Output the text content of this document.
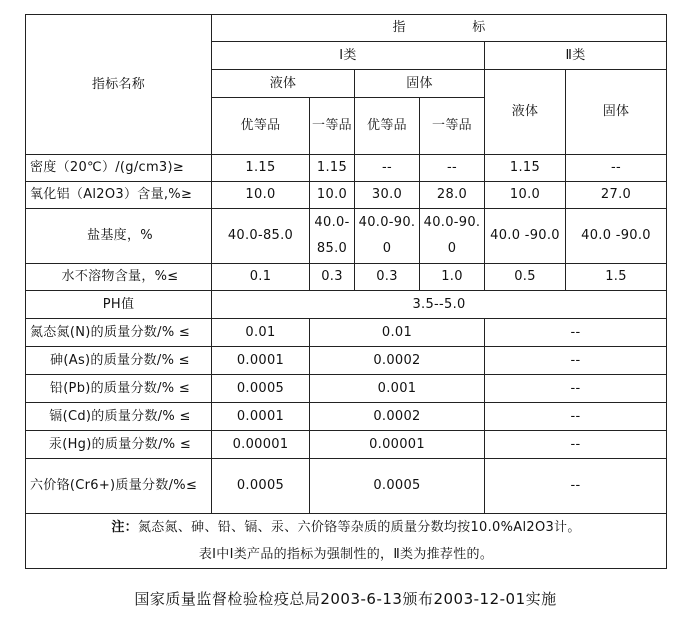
指标名称	指　　　　　标					
	Ⅰ类				Ⅱ类	
	液体		固体		液体	固体
	优等品	一等品	优等品	一等品		
密度（20℃）/(g/cm3)≥	1.15	1.15	--	--	1.15	--
氧化铝（Al2O3）含量,%≥	10.0	10.0	30.0	28.0	10.0	27.0
盐基度，%	40.0-85.0	40.0-85.0	40.0-90.0	40.0-90.0	40.0 -90.0	40.0 -90.0
水不溶物含量，%≤	0.1	0.3	0.3	1.0	0.5	1.5
PH值	3.5--5.0					
氮态氮(N)的质量分数/% ≤	0.01	0.01			--	
砷(As)的质量分数/% ≤	0.0001	0.0002			--	
铅(Pb)的质量分数/% ≤	0.0005	0.001			--	
镉(Cd)的质量分数/% ≤	0.0001	0.0002			--	
汞(Hg)的质量分数/% ≤	0.00001	0.00001			--	
六价铬(Cr6+)质量分数/%≤	0.0005	0.0005			--	

注：氮态氮、砷、铅、镉、汞、六价铬等杂质的质量分数均按10.0%Al2O3计。
表Ⅰ中Ⅰ类产品的指标为强制性的，Ⅱ类为推荐性的。						
国家质量监督检验检疫总局2003-6-13颁布2003-12-01实施
